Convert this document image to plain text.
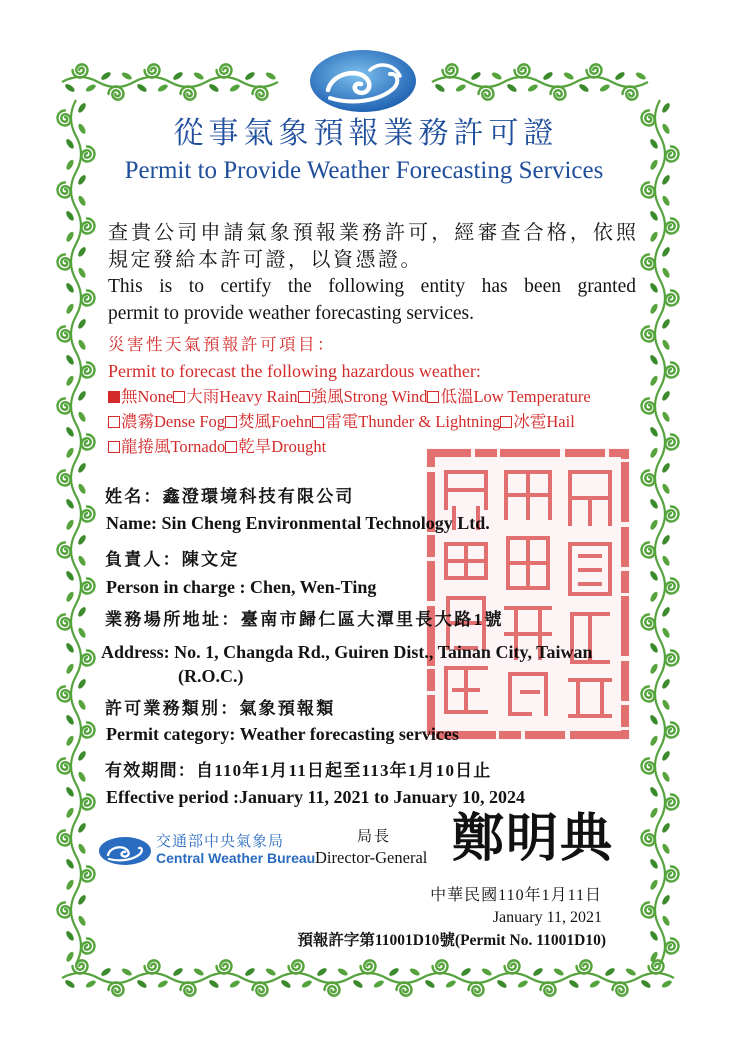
從事氣象預報業務許可證
Permit to Provide Weather Forecasting Services
查貴公司申請氣象預報業務許可，經審查合格，依照
規定發給本許可證，以資憑證。
This is to certify the following entity has been granted
permit to provide weather forecasting services.
災害性天氣預報許可項目：
Permit to forecast the following hazardous weather:
無None 大雨Heavy Rain 強風Strong Wind 低溫Low Temperature
濃霧Dense Fog 焚風Foehn 雷電Thunder & Lightning 冰雹Hail
龍捲風Tornado 乾旱Drought
姓名：鑫澄環境科技有限公司
Name: Sin Cheng Environmental Technology Ltd.
負責人：陳文定
Person in charge : Chen, Wen-Ting
業務場所地址：臺南市歸仁區大潭里長大路1號
Address: No. 1, Changda Rd., Guiren Dist., Tainan City, Taiwan
(R.O.C.)
許可業務類別：氣象預報類
Permit category: Weather forecasting services
有效期間：自110年1月11日起至113年1月10日止
Effective period :January 11, 2021 to January 10, 2024
交通部中央氣象局
Central Weather Bureau
局長
Director-General 鄭明典
中華民國110年1月11日
January 11, 2021
預報許字第11001D10號(Permit No. 11001D10)
